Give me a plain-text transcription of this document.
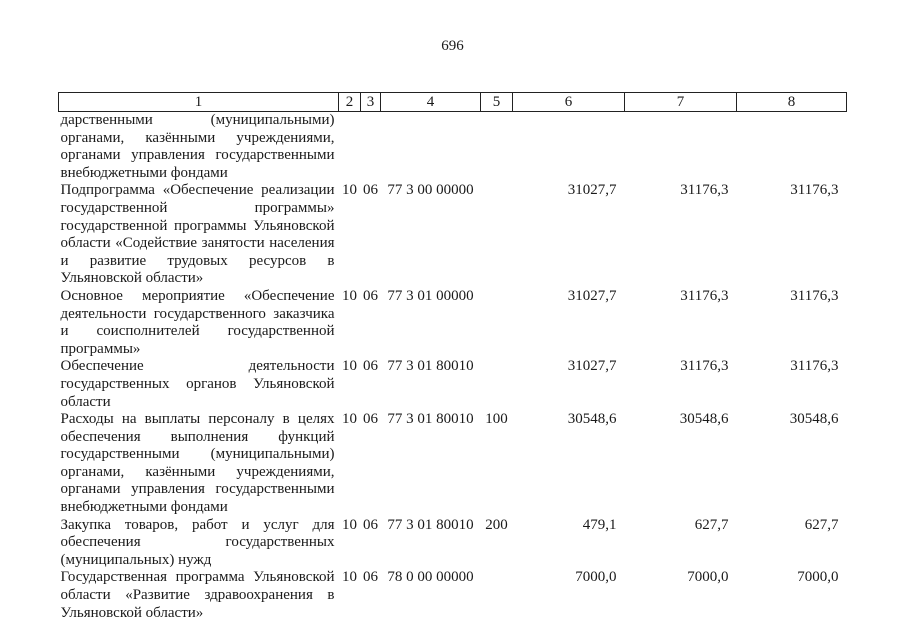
696
1	2	3	4	5	6	7	8
дарственными (муниципальными) органами, казёнными учреждениями, органами управления государственными внебюджетными фондами							
Подпрограмма «Обеспечение реализации государственной программы» государственной программы Ульяновской области «Содействие занятости населения и развитие трудовых ресурсов в Ульяновской области»	10	06	77 3 00 00000		31027,7	31176,3	31176,3
Основное мероприятие «Обеспечение деятельности государственного заказчика и соисполнителей государственной программы»	10	06	77 3 01 00000		31027,7	31176,3	31176,3
Обеспечение деятельности государственных органов Ульяновской области	10	06	77 3 01 80010		31027,7	31176,3	31176,3
Расходы на выплаты персоналу в целях обеспечения выполнения функций государственными (муниципальными) органами, казёнными учреждениями, органами управления государственными внебюджетными фондами	10	06	77 3 01 80010	100	30548,6	30548,6	30548,6
Закупка товаров, работ и услуг для обеспечения государственных (муниципальных) нужд	10	06	77 3 01 80010	200	479,1	627,7	627,7
Государственная программа Ульяновской области «Развитие здравоохранения в Ульяновской области»	10	06	78 0 00 00000		7000,0	7000,0	7000,0
